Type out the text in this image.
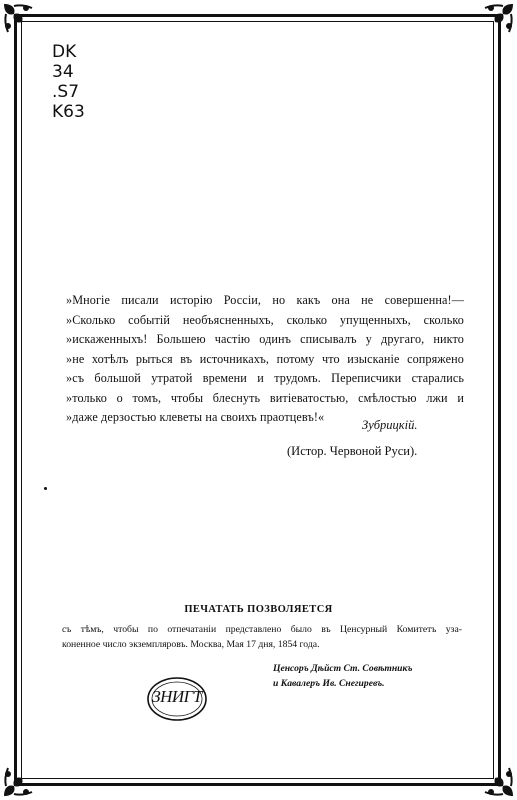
DK
34
.S7
K63
»Многіе писали исторію Россіи, но какъ она не совершенна!—
»Сколько событій необъясненныхъ, сколько упущенныхъ, сколько
»искаженныхъ! Большею частію одинъ списывалъ у другаго, никто
»не хотѣлъ рыться въ источникахъ, потому что изысканіе сопряжено
»съ большой утратой времени и трудомъ. Переписчики старались
»только о томъ, чтобы блеснуть витіеватостью, смѣлостью лжи и
»даже дерзостью клеветы на своихъ праотцевъ!«
Зубрицкій.
(Истор. Червоной Руси).
ПЕЧАТАТЬ ПОЗВОЛЯЕТСЯ
съ тѣмъ, чтобы по отпечатаніи представлено было въ Ценсурный Комитетъ узa-
коненное число экземпляровъ. Москва, Мая 17 дня, 1854 года.
Ценсоръ Дѣйст Ст. Совѣтникъ
и Кавалеръ Ив. Снегиревъ.
ЗНИГТ
